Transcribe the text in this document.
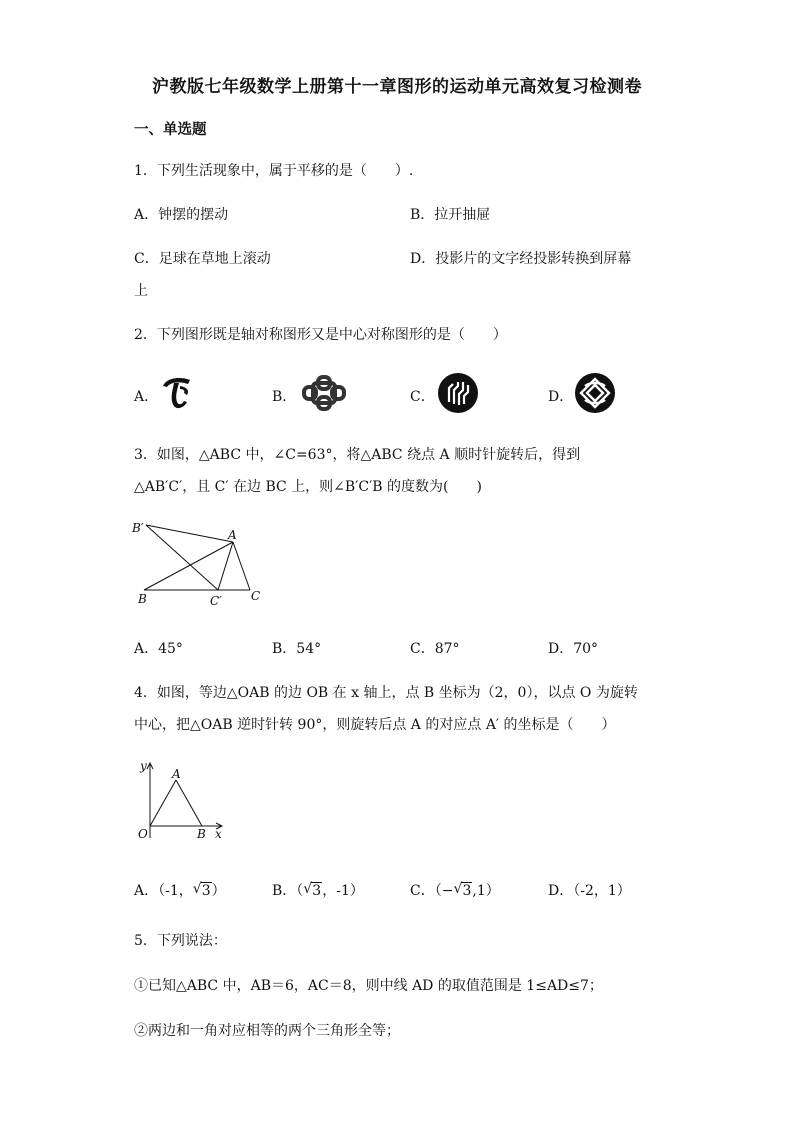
沪教版七年级数学上册第十一章图形的运动单元高效复习检测卷
一、单选题
1．下列生活现象中，属于平移的是（　　）.
A．钟摆的摆动	B．拉开抽屉
C．足球在草地上滚动	D．投影片的文字经投影转换到屏幕
上
2．下列图形既是轴对称图形又是中心对称图形的是（　　）
A．	B．	C．	D．
3．如图，△ABC 中，∠C=63°，将△ABC 绕点 A 顺时针旋转后，得到
△AB′C′，且 C′ 在边 BC 上，则∠B′C′B 的度数为(　　)
B′	A
B	C′ C
A．45°	B．54°	C．87°	D．70°
4．如图，等边△OAB 的边 OB 在 x 轴上，点 B 坐标为（2，0），以点 O 为旋转
中心，把△OAB 逆时针转 90°，则旋转后点 A 的对应点 A′ 的坐标是（　　）
y
A
O	B x
A．（-1， √ 3）	B．（ √ 3，-1）	C．（− √ 3,1）	D．（-2，1）
5．下列说法：
①已知△ABC 中，AB＝6，AC＝8，则中线 AD 的取值范围是 1≤AD≤7；
②两边和一角对应相等的两个三角形全等；
